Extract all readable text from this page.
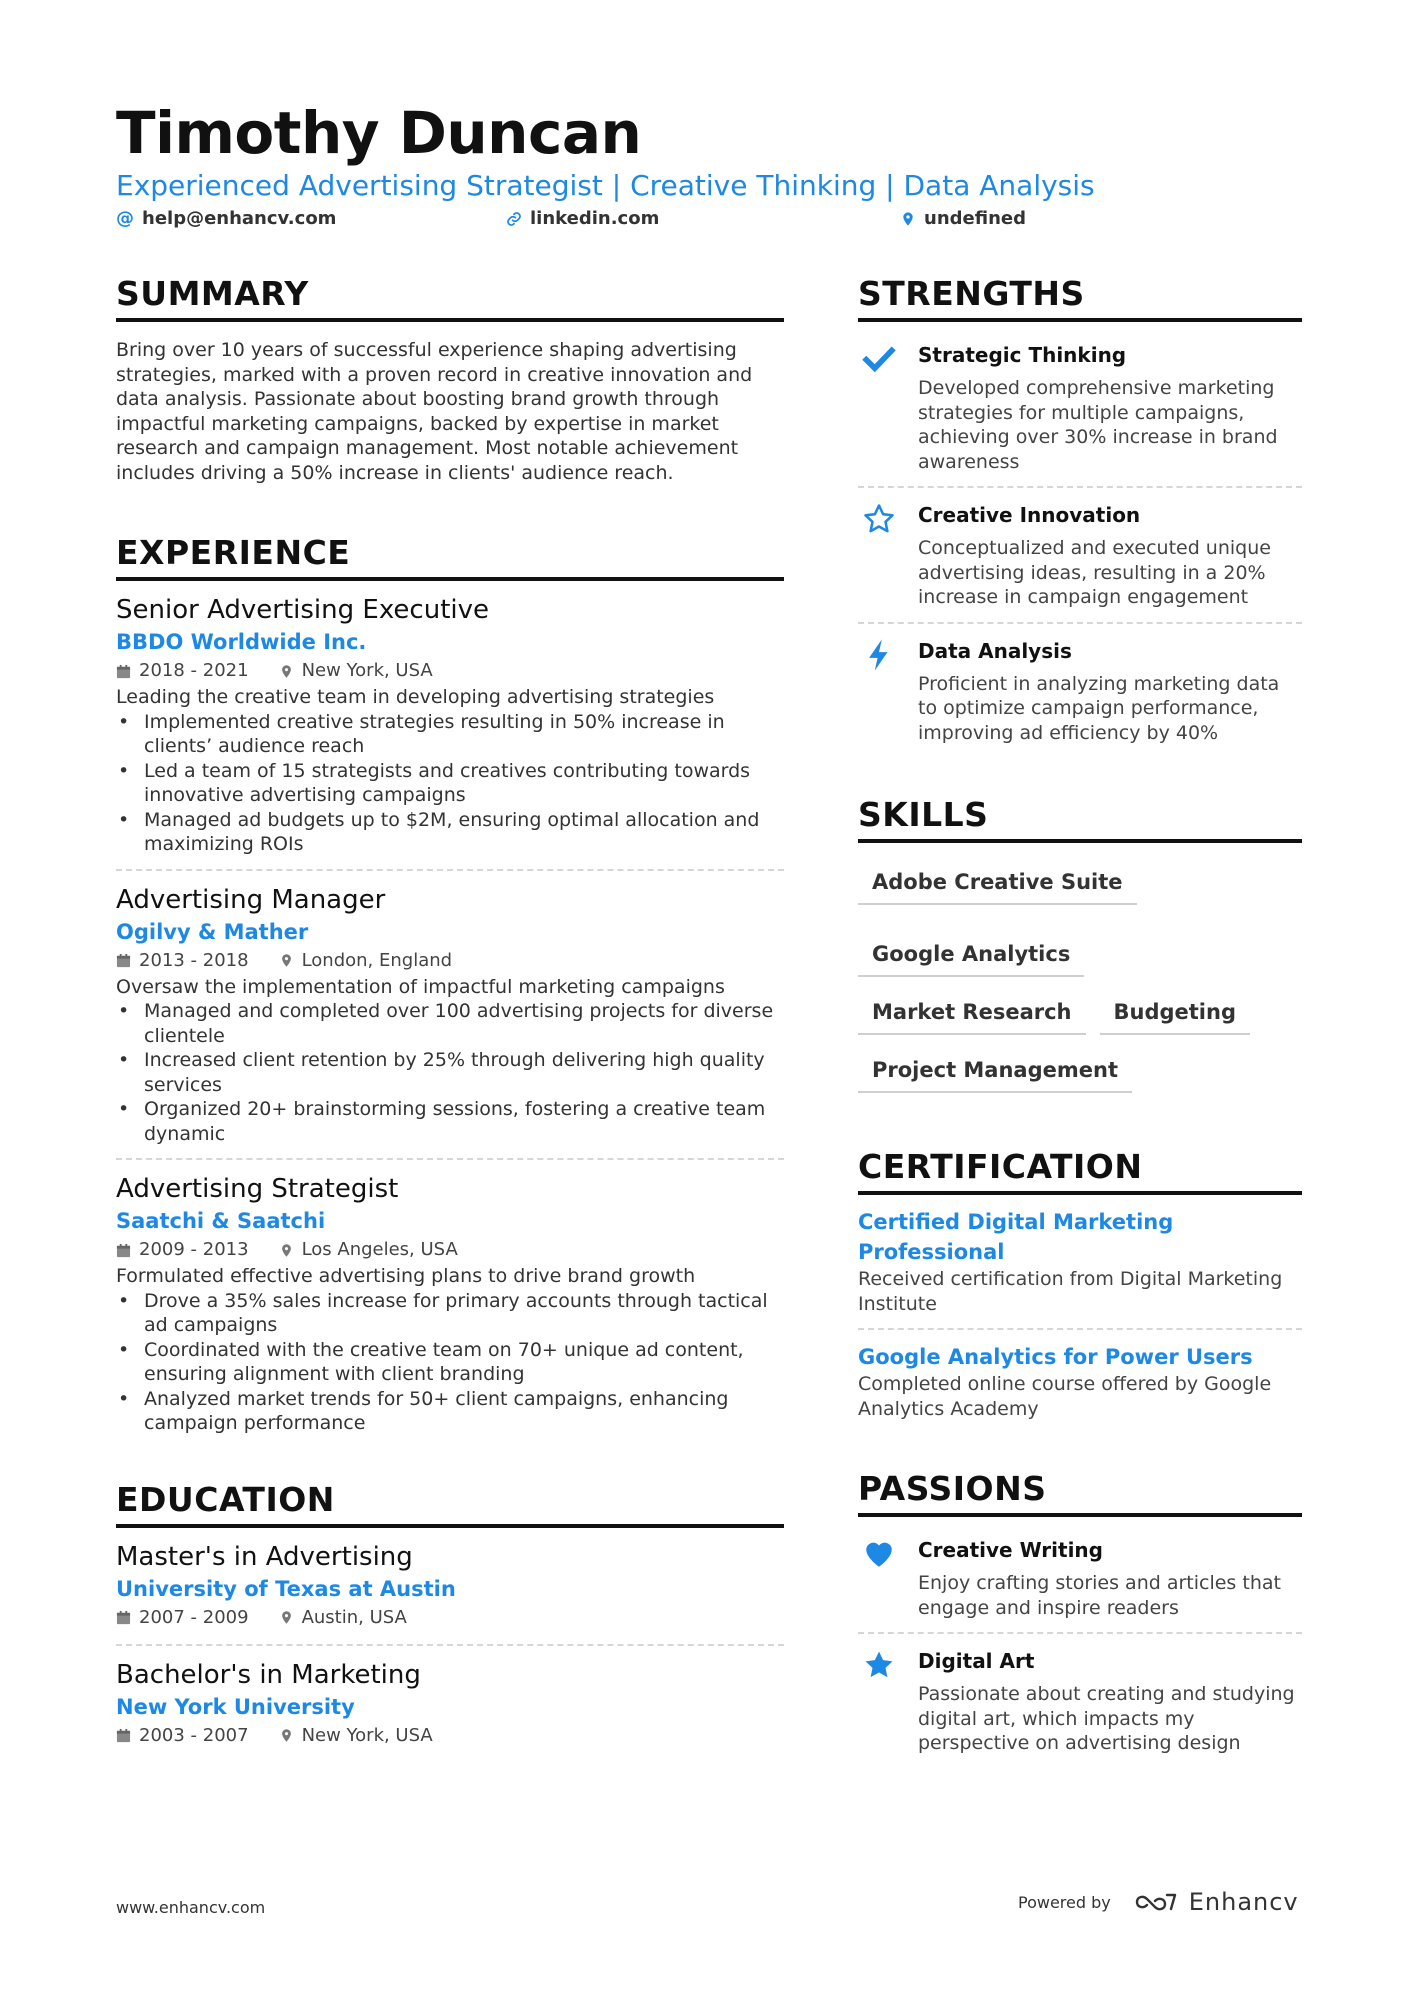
Timothy Duncan
Experienced Advertising Strategist | Creative Thinking | Data Analysis
@ help@enhancv.com	linkedin.com	undefined
SUMMARY
Bring over 10 years of successful experience shaping advertising strategies, marked with a proven record in creative innovation and data analysis. Passionate about boosting brand growth through impactful marketing campaigns, backed by expertise in market research and campaign management. Most notable achievement includes driving a 50% increase in clients' audience reach.
EXPERIENCE
Senior Advertising Executive
BBDO Worldwide Inc.
2018 - 2021	New York, USA
Leading the creative team in developing advertising strategies
• Implemented creative strategies resulting in 50% increase in clients’ audience reach
• Led a team of 15 strategists and creatives contributing towards innovative advertising campaigns
• Managed ad budgets up to $2M, ensuring optimal allocation and maximizing ROIs
Advertising Manager
Ogilvy & Mather
2013 - 2018	London, England
Oversaw the implementation of impactful marketing campaigns
• Managed and completed over 100 advertising projects for diverse clientele
• Increased client retention by 25% through delivering high quality services
• Organized 20+ brainstorming sessions, fostering a creative team dynamic
Advertising Strategist
Saatchi & Saatchi
2009 - 2013	Los Angeles, USA
Formulated effective advertising plans to drive brand growth
• Drove a 35% sales increase for primary accounts through tactical ad campaigns
• Coordinated with the creative team on 70+ unique ad content, ensuring alignment with client branding
• Analyzed market trends for 50+ client campaigns, enhancing campaign performance
EDUCATION
Master's in Advertising
University of Texas at Austin
2007 - 2009	Austin, USA
Bachelor's in Marketing
New York University
2003 - 2007	New York, USA
STRENGTHS
Strategic Thinking
Developed comprehensive marketing strategies for multiple campaigns, achieving over 30% increase in brand awareness
Creative Innovation
Conceptualized and executed unique advertising ideas, resulting in a 20% increase in campaign engagement
Data Analysis
Proficient in analyzing marketing data to optimize campaign performance, improving ad efficiency by 40%
SKILLS
Adobe Creative Suite
Google Analytics
Market Research	Budgeting
Project Management
CERTIFICATION
Certified Digital Marketing Professional
Received certification from Digital Marketing Institute
Google Analytics for Power Users
Completed online course offered by Google Analytics Academy
PASSIONS
Creative Writing
Enjoy crafting stories and articles that engage and inspire readers
Digital Art
Passionate about creating and studying digital art, which impacts my perspective on advertising design
www.enhancv.com	Powered by	Enhancv
